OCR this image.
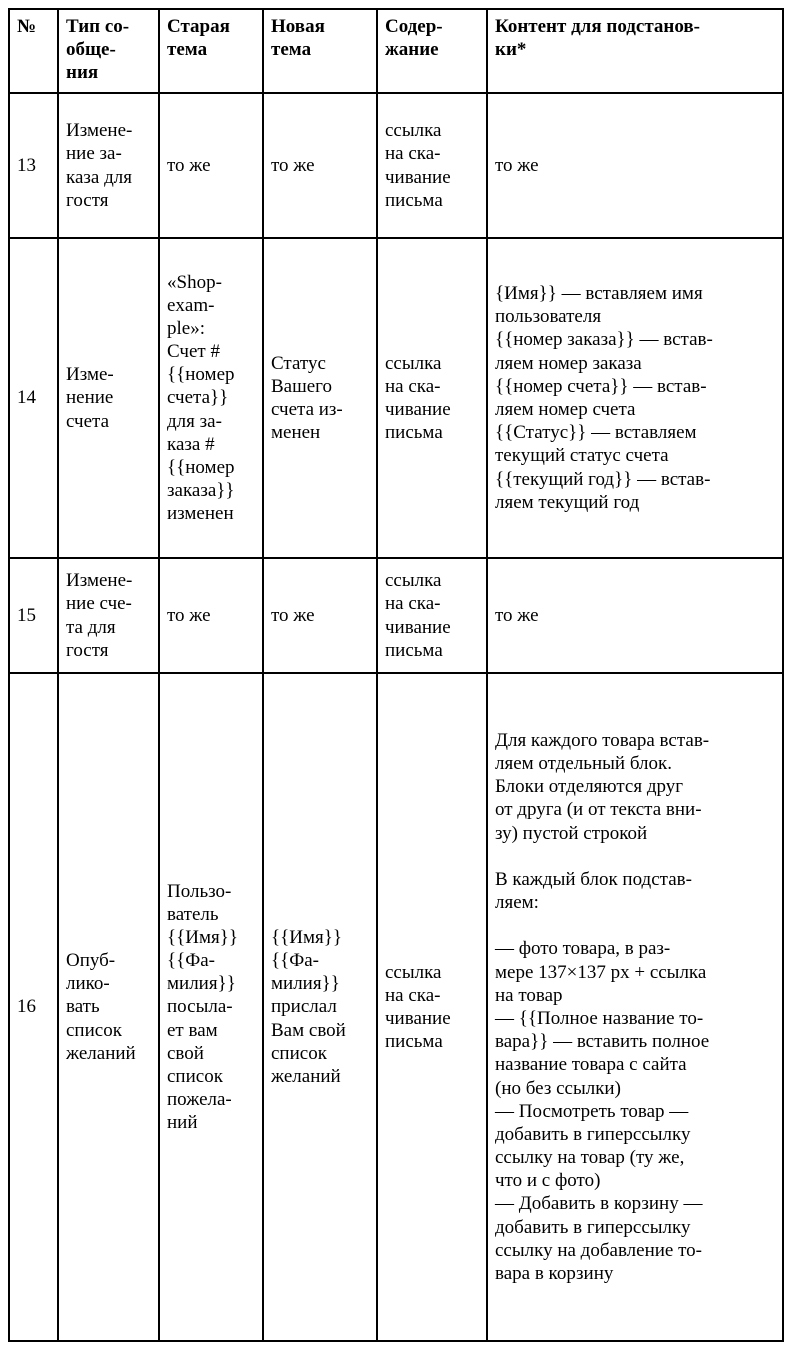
№	Тип со-
обще-
ния	Старая
тема	Новая
тема	Содер-
жание	Контент для подстанов-
ки*
13	Измене-
ние за-
каза для
гостя	то же	то же	ссылка
на ска-
чивание
письма	то же
14	Изме-
нение
счета	«Shop-
exam-
ple»:
Счет #
{{номер
счета}}
для за-
каза #
{{номер
заказа}}
изменен	Статус
Вашего
счета из-
менен	ссылка
на ска-
чивание
письма	{Имя}} — вставляем имя
пользователя
{{номер заказа}} — встав-
ляем номер заказа
{{номер счета}} — встав-
ляем номер счета
{{Статус}} — вставляем
текущий статус счета
{{текущий год}} — встав-
ляем текущий год
15	Измене-
ние сче-
та для
гостя	то же	то же	ссылка
на ска-
чивание
письма	то же
16	Опуб-
лико-
вать
список
желаний	Пользо-
ватель
{{Имя}}
{{Фа-
милия}}
посыла-
ет вам
свой
список
пожела-
ний	{{Имя}}
{{Фа-
милия}}
прислал
Вам свой
список
желаний	ссылка
на ска-
чивание
письма	Для каждого товара встав-
ляем отдельный блок.
Блоки отделяются друг
от друга (и от текста вни-
зу) пустой строкой

В каждый блок подстав-
ляем:

— фото товара, в раз-
мере 137×137 px + ссылка
на товар
— {{Полное название то-
вара}} — вставить полное
название товара с сайта
(но без ссылки)
— Посмотреть товар —
добавить в гиперссылку
ссылку на товар (ту же,
что и с фото)
— Добавить в корзину —
добавить в гиперссылку
ссылку на добавление то-
вара в корзину
